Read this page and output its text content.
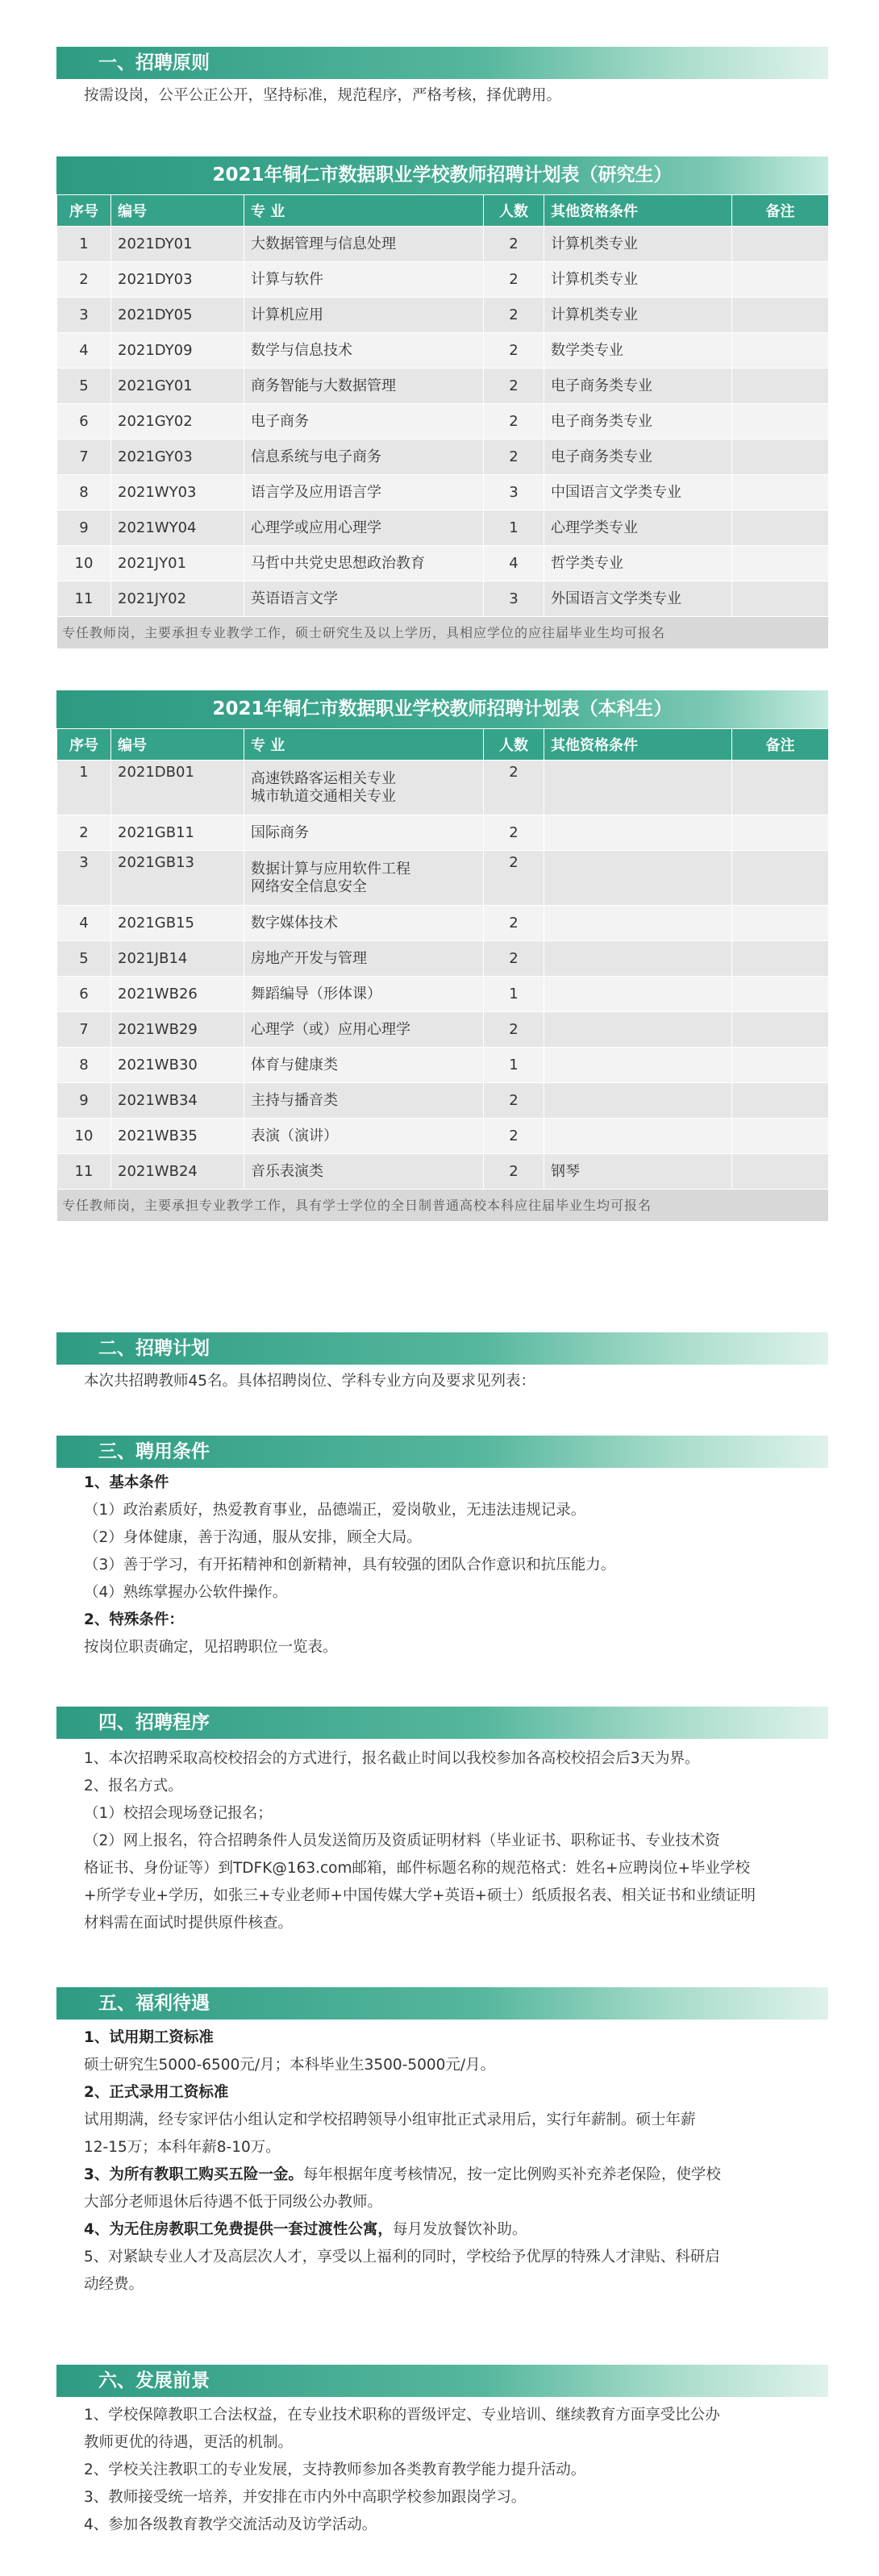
一、招聘原则

按需设岗，公平公正公开，坚持标准，规范程序，严格考核，择优聘用。

2021年铜仁市数据职业学校教师招聘计划表（研究生）
序号	编号	专 业	人数	其他资格条件	备注
1	2021DY01	大数据管理与信息处理	2	计算机类专业	
2	2021DY03	计算与软件	2	计算机类专业	
3	2021DY05	计算机应用	2	计算机类专业	
4	2021DY09	数学与信息技术	2	数学类专业	
5	2021GY01	商务智能与大数据管理	2	电子商务类专业	
6	2021GY02	电子商务	2	电子商务类专业	
7	2021GY03	信息系统与电子商务	2	电子商务类专业	
8	2021WY03	语言学及应用语言学	3	中国语言文学类专业	
9	2021WY04	心理学或应用心理学	1	心理学类专业	
10	2021JY01	马哲中共党史思想政治教育	4	哲学类专业	
11	2021JY02	英语语言文学	3	外国语言文学类专业	
专任教师岗，主要承担专业教学工作，硕士研究生及以上学历，具相应学位的应往届毕业生均可报名					
2021年铜仁市数据职业学校教师招聘计划表（本科生）
序号	编号	专 业	人数	其他资格条件	备注
1	2021DB01	高速铁路客运相关专业
城市轨道交通相关专业	2		
2	2021GB11	国际商务	2		
3	2021GB13	数据计算与应用软件工程
网络安全信息安全	2		
4	2021GB15	数字媒体技术	2		
5	2021JB14	房地产开发与管理	2		
6	2021WB26	舞蹈编导（形体课）	1		
7	2021WB29	心理学（或）应用心理学	2		
8	2021WB30	体育与健康类	1		
9	2021WB34	主持与播音类	2		
10	2021WB35	表演（演讲）	2		
11	2021WB24	音乐表演类	2	钢琴	
专任教师岗，主要承担专业教学工作，具有学士学位的全日制普通高校本科应往届毕业生均可报名					
二、招聘计划

本次共招聘教师45名。具体招聘岗位、学科专业方向及要求见列表：

三、聘用条件

1、基本条件

（1）政治素质好，热爱教育事业，品德端正，爱岗敬业，无违法违规记录。

（2）身体健康，善于沟通，服从安排，顾全大局。

（3）善于学习，有开拓精神和创新精神，具有较强的团队合作意识和抗压能力。

（4）熟练掌握办公软件操作。

2、特殊条件：

按岗位职责确定，见招聘职位一览表。

四、招聘程序

1、本次招聘采取高校校招会的方式进行，报名截止时间以我校参加各高校校招会后3天为界。

2、报名方式。

（1）校招会现场登记报名；

（2）网上报名，符合招聘条件人员发送简历及资质证明材料（毕业证书、职称证书、专业技术资

格证书、身份证等）到TDFK@163.com邮箱，邮件标题名称的规范格式：姓名+应聘岗位+毕业学校

+所学专业+学历，如张三+专业老师+中国传媒大学+英语+硕士）纸质报名表、相关证书和业绩证明

材料需在面试时提供原件核查。

五、福利待遇

1、试用期工资标准

硕士研究生5000-6500元/月；本科毕业生3500-5000元/月。

2、正式录用工资标准

试用期满，经专家评估小组认定和学校招聘领导小组审批正式录用后，实行年薪制。硕士年薪

12-15万；本科年薪8-10万。

3、为所有教职工购买五险一金。每年根据年度考核情况，按一定比例购买补充养老保险，使学校

大部分老师退休后待遇不低于同级公办教师。

4、为无住房教职工免费提供一套过渡性公寓，每月发放餐饮补助。

5、对紧缺专业人才及高层次人才，享受以上福利的同时，学校给予优厚的特殊人才津贴、科研启

动经费。

六、发展前景

1、学校保障教职工合法权益，在专业技术职称的晋级评定、专业培训、继续教育方面享受比公办

教师更优的待遇，更活的机制。

2、学校关注教职工的专业发展，支持教师参加各类教育教学能力提升活动。

3、教师接受统一培养，并安排在市内外中高职学校参加跟岗学习。

4、参加各级教育教学交流活动及访学活动。
